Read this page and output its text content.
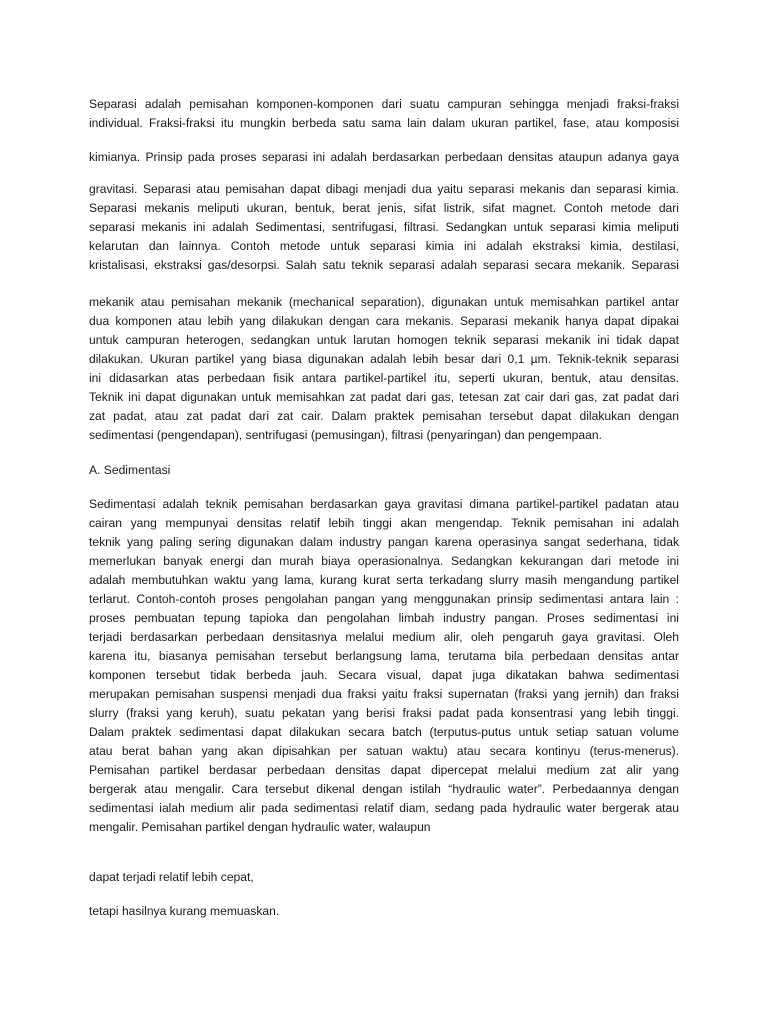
Separasi adalah pemisahan komponen-komponen dari suatu campuran sehingga menjadi fraksi-fraksi
individual. Fraksi-fraksi itu mungkin berbeda satu sama lain dalam ukuran partikel, fase, atau komposisi
kimianya. Prinsip pada proses separasi ini adalah berdasarkan perbedaan densitas ataupun adanya gaya
gravitasi. Separasi atau pemisahan dapat dibagi menjadi dua yaitu separasi mekanis dan separasi kimia.
Separasi mekanis meliputi ukuran, bentuk, berat jenis, sifat listrik, sifat magnet. Contoh metode dari
separasi mekanis ini adalah Sedimentasi, sentrifugasi, filtrasi. Sedangkan untuk separasi kimia meliputi
kelarutan dan lainnya. Contoh metode untuk separasi kimia ini adalah ekstraksi kimia, destilasi,
kristalisasi, ekstraksi gas/desorpsi. Salah satu teknik separasi adalah separasi secara mekanik. Separasi
mekanik atau pemisahan mekanik (mechanical separation), digunakan untuk memisahkan partikel antar
dua komponen atau lebih yang dilakukan dengan cara mekanis. Separasi mekanik hanya dapat dipakai
untuk campuran heterogen, sedangkan untuk larutan homogen teknik separasi mekanik ini tidak dapat
dilakukan. Ukuran partikel yang biasa digunakan adalah lebih besar dari 0,1 µm. Teknik-teknik separasi
ini didasarkan atas perbedaan fisik antara partikel-partikel itu, seperti ukuran, bentuk, atau densitas.
Teknik ini dapat digunakan untuk memisahkan zat padat dari gas, tetesan zat cair dari gas, zat padat dari
zat padat, atau zat padat dari zat cair. Dalam praktek pemisahan tersebut dapat dilakukan dengan
sedimentasi (pengendapan), sentrifugasi (pemusingan), filtrasi (penyaringan) dan pengempaan.
A. Sedimentasi
Sedimentasi adalah teknik pemisahan berdasarkan gaya gravitasi dimana partikel-partikel padatan atau
cairan yang mempunyai densitas relatif lebih tinggi akan mengendap. Teknik pemisahan ini adalah
teknik yang paling sering digunakan dalam industry pangan karena operasinya sangat sederhana, tidak
memerlukan banyak energi dan murah biaya operasionalnya. Sedangkan kekurangan dari metode ini
adalah membutuhkan waktu yang lama, kurang kurat serta terkadang slurry masih mengandung partikel
terlarut. Contoh-contoh proses pengolahan pangan yang menggunakan prinsip sedimentasi antara lain :
proses pembuatan tepung tapioka dan pengolahan limbah industry pangan. Proses sedimentasi ini
terjadi berdasarkan perbedaan densitasnya melalui medium alir, oleh pengaruh gaya gravitasi. Oleh
karena itu, biasanya pemisahan tersebut berlangsung lama, terutama bila perbedaan densitas antar
komponen tersebut tidak berbeda jauh. Secara visual, dapat juga dikatakan bahwa sedimentasi
merupakan pemisahan suspensi menjadi dua fraksi yaitu fraksi supernatan (fraksi yang jernih) dan fraksi
slurry (fraksi yang keruh), suatu pekatan yang berisi fraksi padat pada konsentrasi yang lebih tinggi.
Dalam praktek sedimentasi dapat dilakukan secara batch (terputus-putus untuk setiap satuan volume
atau berat bahan yang akan dipisahkan per satuan waktu) atau secara kontinyu (terus-menerus).
Pemisahan partikel berdasar perbedaan densitas dapat dipercepat melalui medium zat alir yang
bergerak atau mengalir. Cara tersebut dikenal dengan istilah “hydraulic water”. Perbedaannya dengan
sedimentasi ialah medium alir pada sedimentasi relatif diam, sedang pada hydraulic water bergerak atau
mengalir. Pemisahan partikel dengan hydraulic water, walaupun
dapat terjadi relatif lebih cepat,
tetapi hasilnya kurang memuaskan.
